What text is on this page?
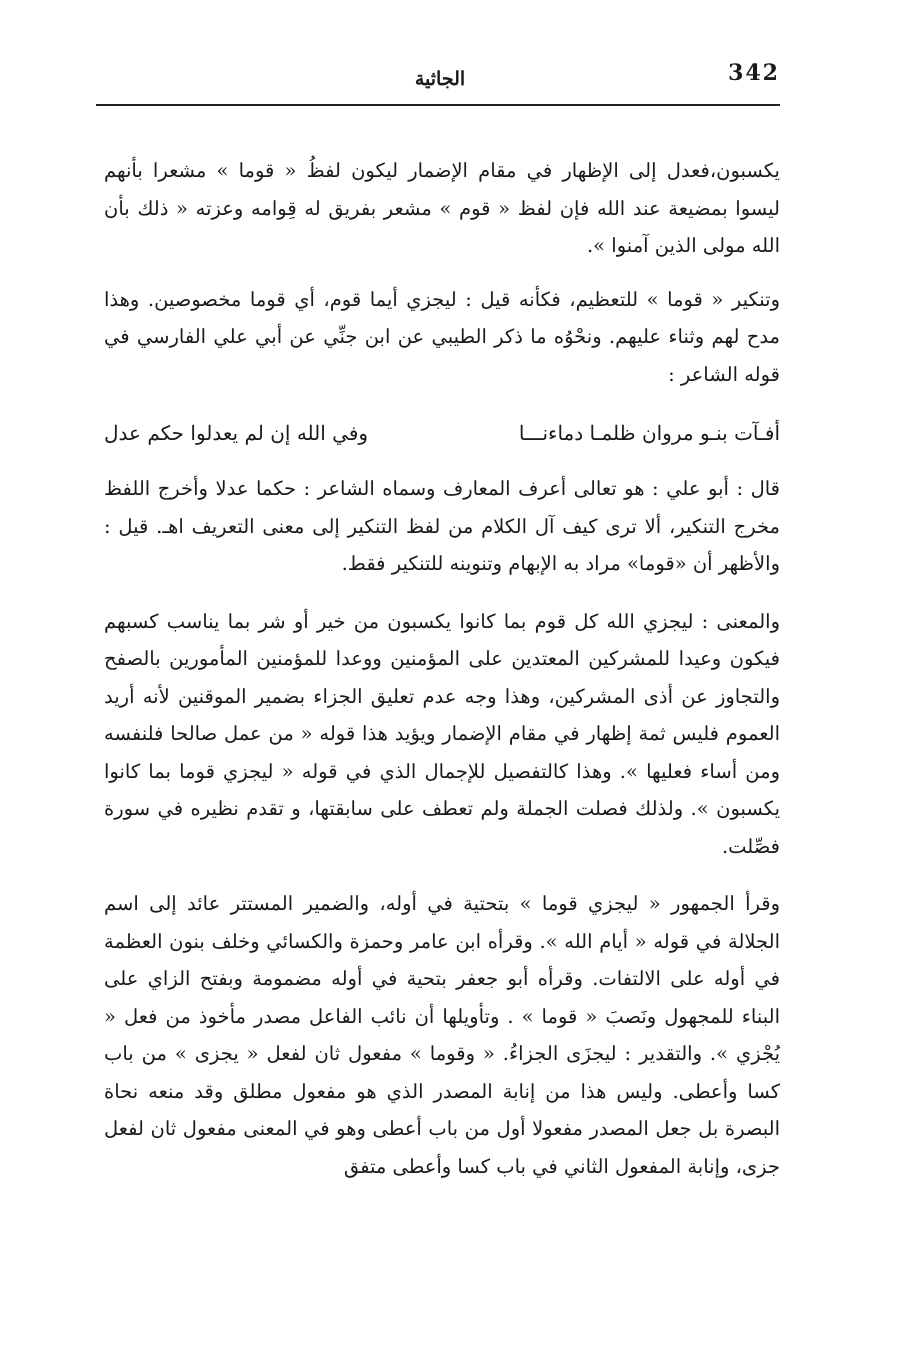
342
الجاثية

يكسبون،فعدل إلى الإظهار في مقام الإضمار ليكون لفظُ « قوما » مشعرا بأنهم ليسوا بمضيعة عند الله فإن لفظ « قوم » مشعر بفريق له قِوامه وعزته « ذلك بأن الله مولى الذين آمنوا ».

وتنكير « قوما » للتعظيم، فكأنه قيل : ليجزي أيما قوم، أي قوما مخصوصين. وهذا مدح لهم وثناء عليهم. ونحْوُه ما ذكر الطيبي عن ابن جنِّي عن أبي علي الفارسي في قوله الشاعر :

أفـآت بنـو مروان ظلمـا دماءنـــا
وفي الله إن لم يعدلوا حكم عدل

قال : أبو علي : هو تعالى أعرف المعارف وسماه الشاعر : حكما عدلا وأخرج اللفظ مخرج التنكير، ألا ترى كيف آل الكلام من لفظ التنكير إلى معنى التعريف اهـ. قيل : والأظهر أن «قوما» مراد به الإبهام وتنوينه للتنكير فقط.

والمعنى : ليجزي الله كل قوم بما كانوا يكسبون من خير أو شر بما يناسب كسبهم فيكون وعيدا للمشركين المعتدين على المؤمنين ووعدا للمؤمنين المأمورين بالصفح والتجاوز عن أذى المشركين، وهذا وجه عدم تعليق الجزاء بضمير الموقنين لأنه أريد العموم فليس ثمة إظهار في مقام الإضمار ويؤيد هذا قوله « من عمل صالحا فلنفسه ومن أساء فعليها ». وهذا كالتفصيل للإجمال الذي في قوله « ليجزي قوما بما كانوا يكسبون ». ولذلك فصلت الجملة ولم تعطف على سابقتها، و تقدم نظيره في سورة فصِّلت.

وقرأ الجمهور « ليجزي قوما » بتحتية في أوله، والضمير المستتر عائد إلى اسم الجلالة في قوله « أيام الله ». وقرأه ابن عامر وحمزة والكسائي وخلف بنون العظمة في أوله على الالتفات. وقرأه أبو جعفر بتحية في أوله مضمومة وبفتح الزاي على البناء للمجهول ونَصبَ « قوما » . وتأويلها أن نائب الفاعل مصدر مأخوذ من فعل « يُجْزي ». والتقدير : ليجزَى الجزاءُ. « وقوما » مفعول ثان لفعل « يجزى » من باب كسا وأعطى. وليس هذا من إنابة المصدر الذي هو مفعول مطلق وقد منعه نحاة البصرة بل جعل المصدر مفعولا أول من باب أعطى وهو في المعنى مفعول ثان لفعل جزى، وإنابة المفعول الثاني في باب كسا وأعطى متفق
